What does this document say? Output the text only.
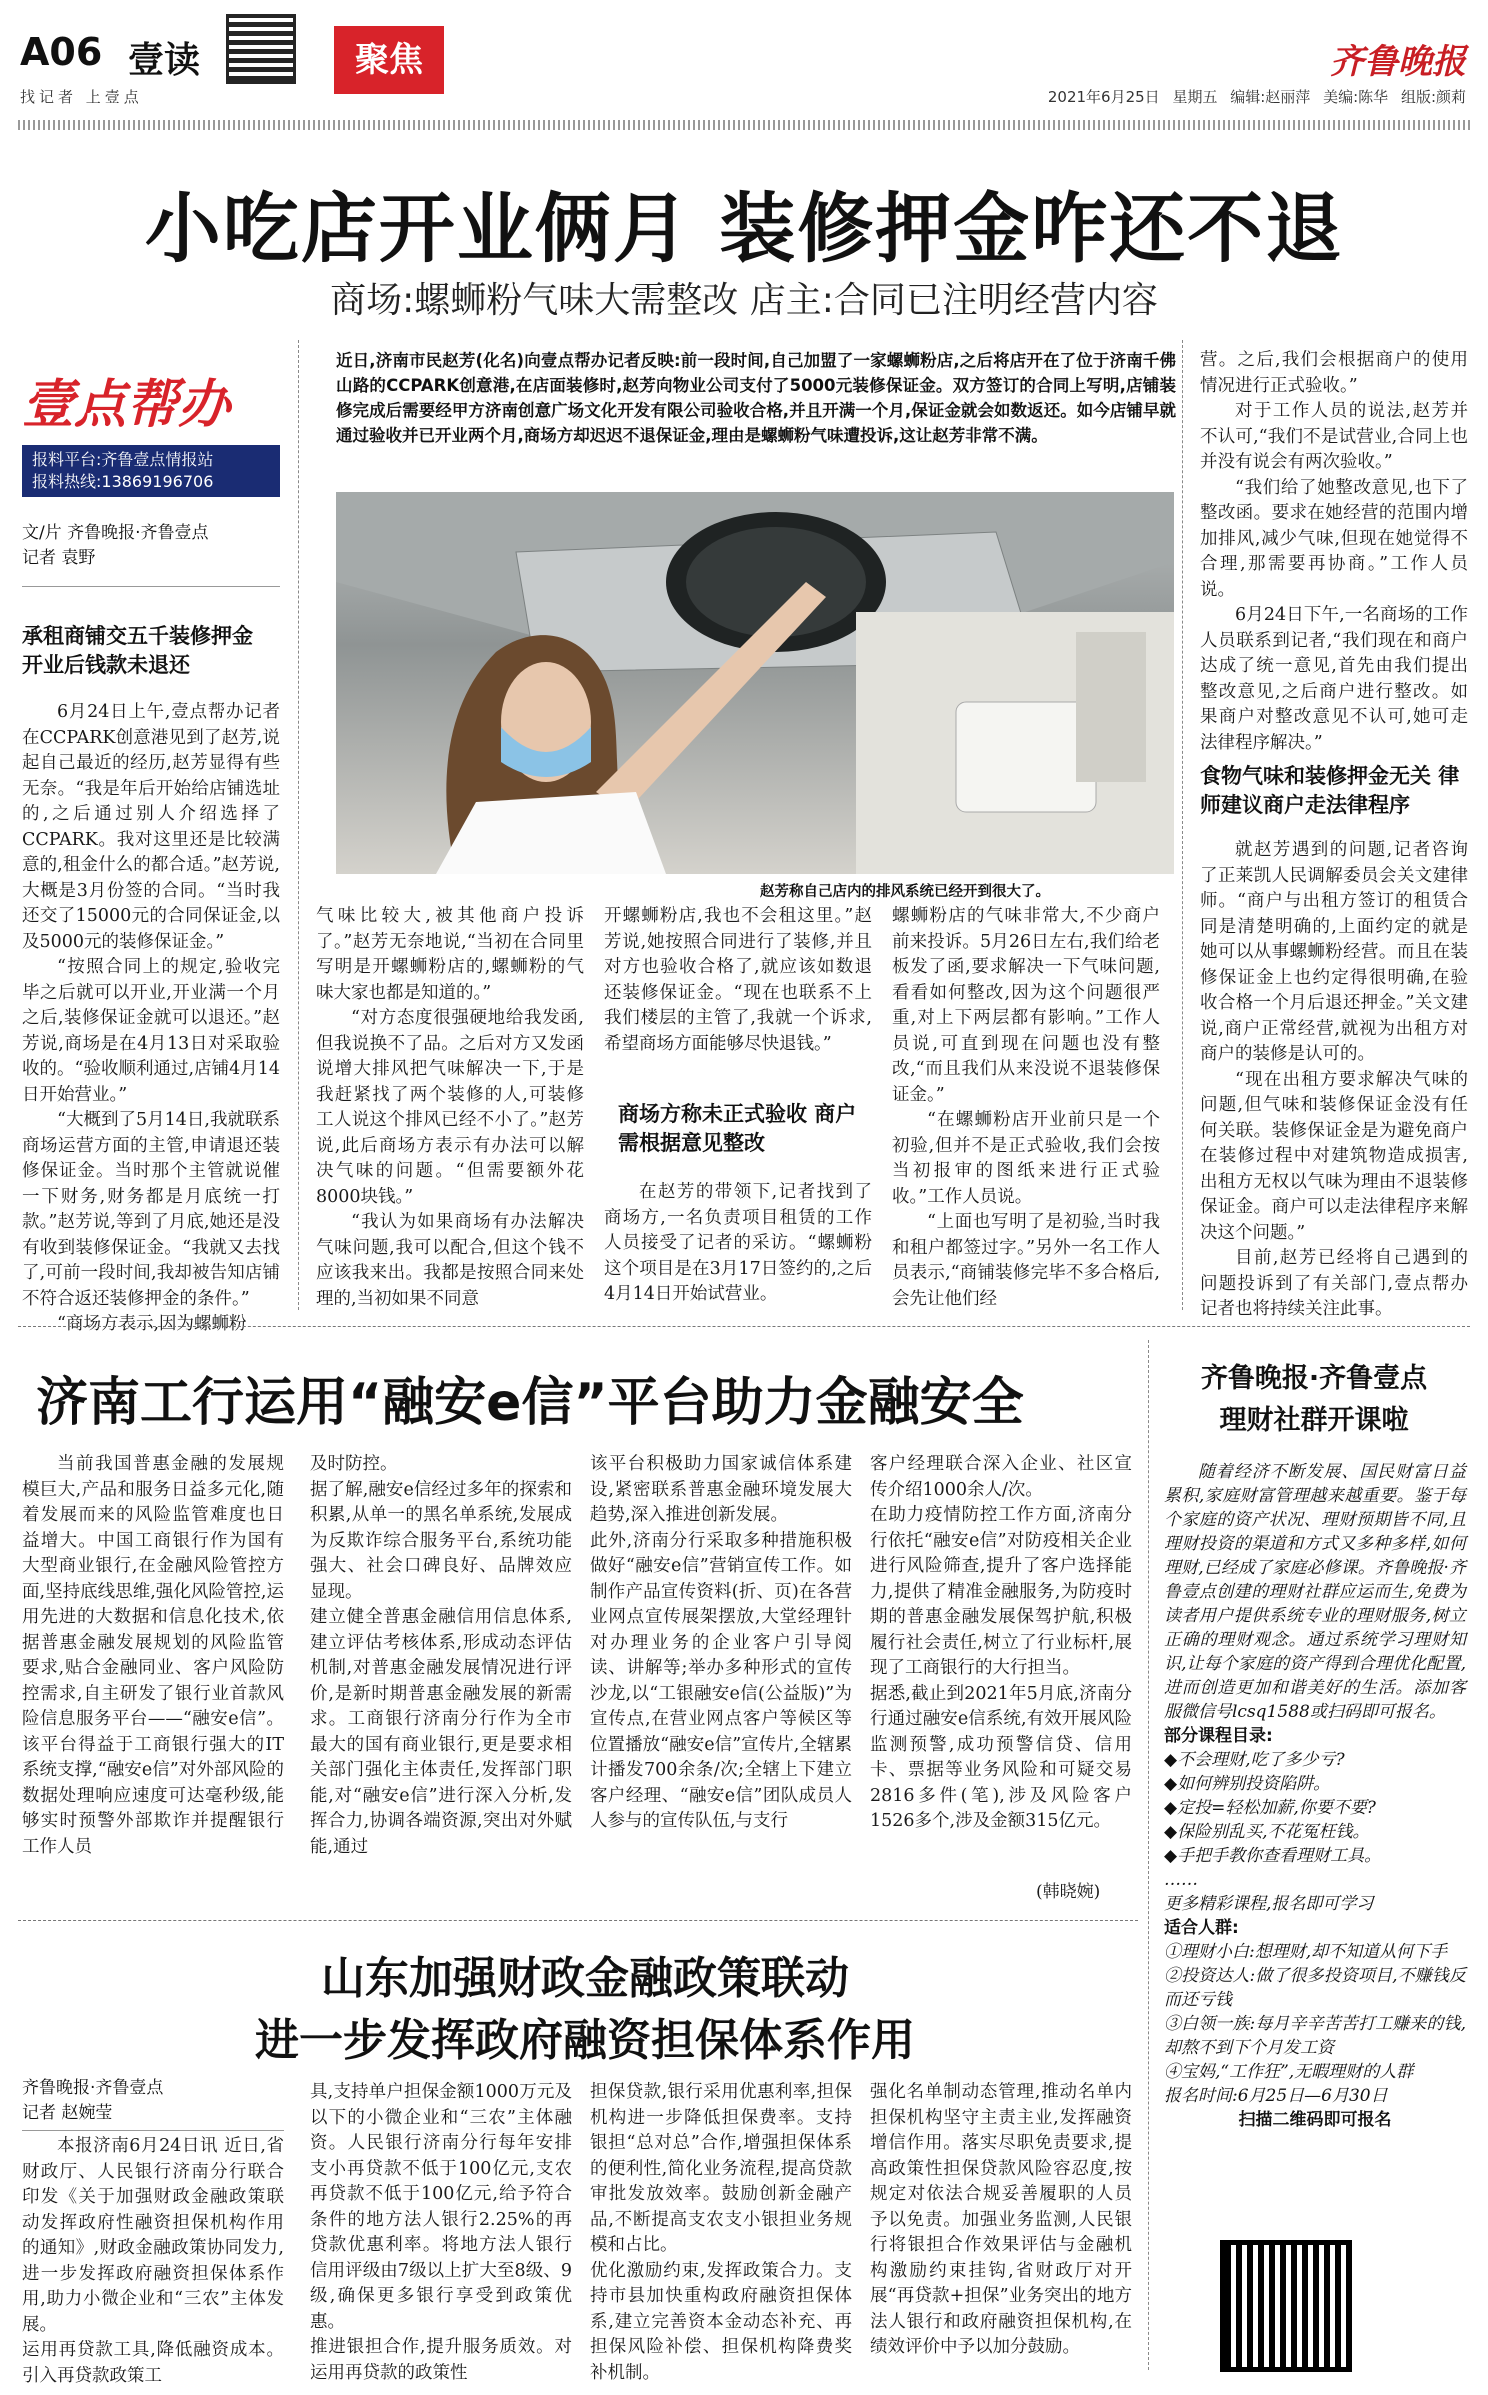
A06 壹读
找记者 上壹点
聚焦	齐鲁晚报
2021年6月25日 星期五 编辑:赵丽萍 美编:陈华 组版:颜莉
小吃店开业俩月 装修押金咋还不退
商场:螺蛳粉气味大需整改 店主:合同已注明经营内容
壹点帮办
报料平台:齐鲁壹点情报站
报料热线:13869196706
文/片 齐鲁晚报·齐鲁壹点
记者 袁野
近日,济南市民赵芳(化名)向壹点帮办记者反映:前一段时间,自己加盟了一家螺蛳粉店,之后将店开在了位于济南千佛山路的CCPARK创意港,在店面装修时,赵芳向物业公司支付了5000元装修保证金。双方签订的合同上写明,店铺装修完成后需要经甲方济南创意广场文化开发有限公司验收合格,并且开满一个月,保证金就会如数返还。如今店铺早就通过验收并已开业两个月,商场方却迟迟不退保证金,理由是螺蛳粉气味遭投诉,这让赵芳非常不满。
赵芳称自己店内的排风系统已经开到很大了。
承租商铺交五千装修押金 开业后钱款未退还

6月24日上午,壹点帮办记者在CCPARK创意港见到了赵芳,说起自己最近的经历,赵芳显得有些无奈。“我是年后开始给店铺选址的,之后通过别人介绍选择了CCPARK。我对这里还是比较满意的,租金什么的都合适。”赵芳说,大概是3月份签的合同。“当时我还交了15000元的合同保证金,以及5000元的装修保证金。”

“按照合同上的规定,验收完毕之后就可以开业,开业满一个月之后,装修保证金就可以退还。”赵芳说,商场是在4月13日对采取验收的。“验收顺利通过,店铺4月14日开始营业。”

“大概到了5月14日,我就联系商场运营方面的主管,申请退还装修保证金。当时那个主管就说催一下财务,财务都是月底统一打款。”赵芳说,等到了月底,她还是没有收到装修保证金。“我就又去找了,可前一段时间,我却被告知店铺不符合返还装修押金的条件。”

“商场方表示,因为螺蛳粉

气味比较大,被其他商户投诉了。”赵芳无奈地说,“当初在合同里写明是开螺蛳粉店的,螺蛳粉的气味大家也都是知道的。”

“对方态度很强硬地给我发函,但我说换不了品。之后对方又发函说增大排风把气味解决一下,于是我赶紧找了两个装修的人,可装修工人说这个排风已经不小了。”赵芳说,此后商场方表示有办法可以解决气味的问题。“但需要额外花8000块钱。”

“我认为如果商场有办法解决气味问题,我可以配合,但这个钱不应该我来出。我都是按照合同来处理的,当初如果不同意

开螺蛳粉店,我也不会租这里。”赵芳说,她按照合同进行了装修,并且对方也验收合格了,就应该如数退还装修保证金。“现在也联系不上我们楼层的主管了,我就一个诉求,希望商场方面能够尽快退钱。”

商场方称未正式验收 商户需根据意见整改

在赵芳的带领下,记者找到了商场方,一名负责项目租赁的工作人员接受了记者的采访。“螺蛳粉这个项目是在3月17日签约的,之后4月14日开始试营业。

螺蛳粉店的气味非常大,不少商户前来投诉。5月26日左右,我们给老板发了函,要求解决一下气味问题,看看如何整改,因为这个问题很严重,对上下两层都有影响。”工作人员说,可直到现在问题也没有整改,“而且我们从来没说不退装修保证金。”

“在螺蛳粉店开业前只是一个初验,但并不是正式验收,我们会按当初报审的图纸来进行正式验收。”工作人员说。

“上面也写明了是初验,当时我和租户都签过字。”另外一名工作人员表示,“商铺装修完毕不多合格后,会先让他们经

营。之后,我们会根据商户的使用情况进行正式验收。”

对于工作人员的说法,赵芳并不认可,“我们不是试营业,合同上也并没有说会有两次验收。”

“我们给了她整改意见,也下了整改函。要求在她经营的范围内增加排风,减少气味,但现在她觉得不合理,那需要再协商。”工作人员说。

6月24日下午,一名商场的工作人员联系到记者,“我们现在和商户达成了统一意见,首先由我们提出整改意见,之后商户进行整改。如果商户对整改意见不认可,她可走法律程序解决。”

食物气味和装修押金无关 律师建议商户走法律程序

就赵芳遇到的问题,记者咨询了正莱凯人民调解委员会关文建律师。“商户与出租方签订的租赁合同是清楚明确的,上面约定的就是她可以从事螺蛳粉经营。而且在装修保证金上也约定得很明确,在验收合格一个月后退还押金。”关文建说,商户正常经营,就视为出租方对商户的装修是认可的。

“现在出租方要求解决气味的问题,但气味和装修保证金没有任何关联。装修保证金是为避免商户在装修过程中对建筑物造成损害,出租方无权以气味为理由不退装修保证金。商户可以走法律程序来解决这个问题。”

目前,赵芳已经将自己遇到的问题投诉到了有关部门,壹点帮办记者也将持续关注此事。

济南工行运用“融安e信”平台助力金融安全

当前我国普惠金融的发展规模巨大,产品和服务日益多元化,随着发展而来的风险监管难度也日益增大。中国工商银行作为国有大型商业银行,在金融风险管控方面,坚持底线思维,强化风险管控,运用先进的大数据和信息化技术,依据普惠金融发展规划的风险监管要求,贴合金融同业、客户风险防控需求,自主研发了银行业首款风险信息服务平台——“融安e信”。该平台得益于工商银行强大的IT系统支撑,“融安e信”对外部风险的数据处理响应速度可达毫秒级,能够实时预警外部欺诈并提醒银行工作人员

及时防控。
据了解,融安e信经过多年的探索和积累,从单一的黑名单系统,发展成为反欺诈综合服务平台,系统功能强大、社会口碑良好、品牌效应显现。
建立健全普惠金融信用信息体系,建立评估考核体系,形成动态评估机制,对普惠金融发展情况进行评价,是新时期普惠金融发展的新需求。工商银行济南分行作为全市最大的国有商业银行,更是要求相关部门强化主体责任,发挥部门职能,对“融安e信”进行深入分析,发挥合力,协调各端资源,突出对外赋能,通过

该平台积极助力国家诚信体系建设,紧密联系普惠金融环境发展大趋势,深入推进创新发展。
此外,济南分行采取多种措施积极做好“融安e信”营销宣传工作。如制作产品宣传资料(折、页)在各营业网点宣传展架摆放,大堂经理针对办理业务的企业客户引导阅读、讲解等;举办多种形式的宣传沙龙,以“工银融安e信(公益版)”为宣传点,在营业网点客户等候区等位置播放“融安e信”宣传片,全辖累计播发700余条/次;全辖上下建立客户经理、“融安e信”团队成员人人参与的宣传队伍,与支行

客户经理联合深入企业、社区宣传介绍1000余人/次。
在助力疫情防控工作方面,济南分行依托“融安e信”对防疫相关企业进行风险筛查,提升了客户选择能力,提供了精准金融服务,为防疫时期的普惠金融发展保驾护航,积极履行社会责任,树立了行业标杆,展现了工商银行的大行担当。
据悉,截止到2021年5月底,济南分行通过融安e信系统,有效开展风险监测预警,成功预警信贷、信用卡、票据等业务风险和可疑交易2816多件(笔),涉及风险客户1526多个,涉及金额315亿元。

(韩晓婉)
山东加强财政金融政策联动
进一步发挥政府融资担保体系作用
齐鲁晚报·齐鲁壹点
记者 赵婉莹

本报济南6月24日讯 近日,省财政厅、人民银行济南分行联合印发《关于加强财政金融政策联动发挥政府性融资担保机构作用的通知》,财政金融政策协同发力,进一步发挥政府融资担保体系作用,助力小微企业和“三农”主体发展。
运用再贷款工具,降低融资成本。引入再贷款政策工

具,支持单户担保金额1000万元及以下的小微企业和“三农”主体融资。人民银行济南分行每年安排支小再贷款不低于100亿元,支农再贷款不低于100亿元,给予符合条件的地方法人银行2.25%的再贷款优惠利率。将地方法人银行信用评级由7级以上扩大至8级、9级,确保更多银行享受到政策优惠。
推进银担合作,提升服务质效。对运用再贷款的政策性

担保贷款,银行采用优惠利率,担保机构进一步降低担保费率。支持银担“总对总”合作,增强担保体系的便利性,简化业务流程,提高贷款审批发放效率。鼓励创新金融产品,不断提高支农支小银担业务规模和占比。
优化激励约束,发挥政策合力。支持市县加快重构政府融资担保体系,建立完善资本金动态补充、再担保风险补偿、担保机构降费奖补机制。

强化名单制动态管理,推动名单内担保机构坚守主责主业,发挥融资增信作用。落实尽职免责要求,提高政策性担保贷款风险容忍度,按规定对依法合规妥善履职的人员予以免责。加强业务监测,人民银行将银担合作效果评估与金融机构激励约束挂钩,省财政厅对开展“再贷款+担保”业务突出的地方法人银行和政府融资担保机构,在绩效评价中予以加分鼓励。

齐鲁晚报·齐鲁壹点
理财社群开课啦

随着经济不断发展、国民财富日益累积,家庭财富管理越来越重要。鉴于每个家庭的资产状况、理财预期皆不同,且理财投资的渠道和方式又多种多样,如何理财,已经成了家庭必修课。齐鲁晚报·齐鲁壹点创建的理财社群应运而生,免费为读者用户提供系统专业的理财服务,树立正确的理财观念。通过系统学习理财知识,让每个家庭的资产得到合理优化配置,进而创造更加和谐美好的生活。添加客服微信号lcsq1588或扫码即可报名。

部分课程目录:

◆不会理财,吃了多少亏?

◆如何辨别投资陷阱。

◆定投=轻松加薪,你要不要?

◆保险别乱买,不花冤枉钱。

◆手把手教你查看理财工具。

……

更多精彩课程,报名即可学习

适合人群:

①理财小白:想理财,却不知道从何下手

②投资达人:做了很多投资项目,不赚钱反而还亏钱

③白领一族:每月辛辛苦苦打工赚来的钱,却熬不到下个月发工资

④宝妈,“工作狂”,无暇理财的人群

报名时间:6月25日—6月30日

扫描二维码即可报名
